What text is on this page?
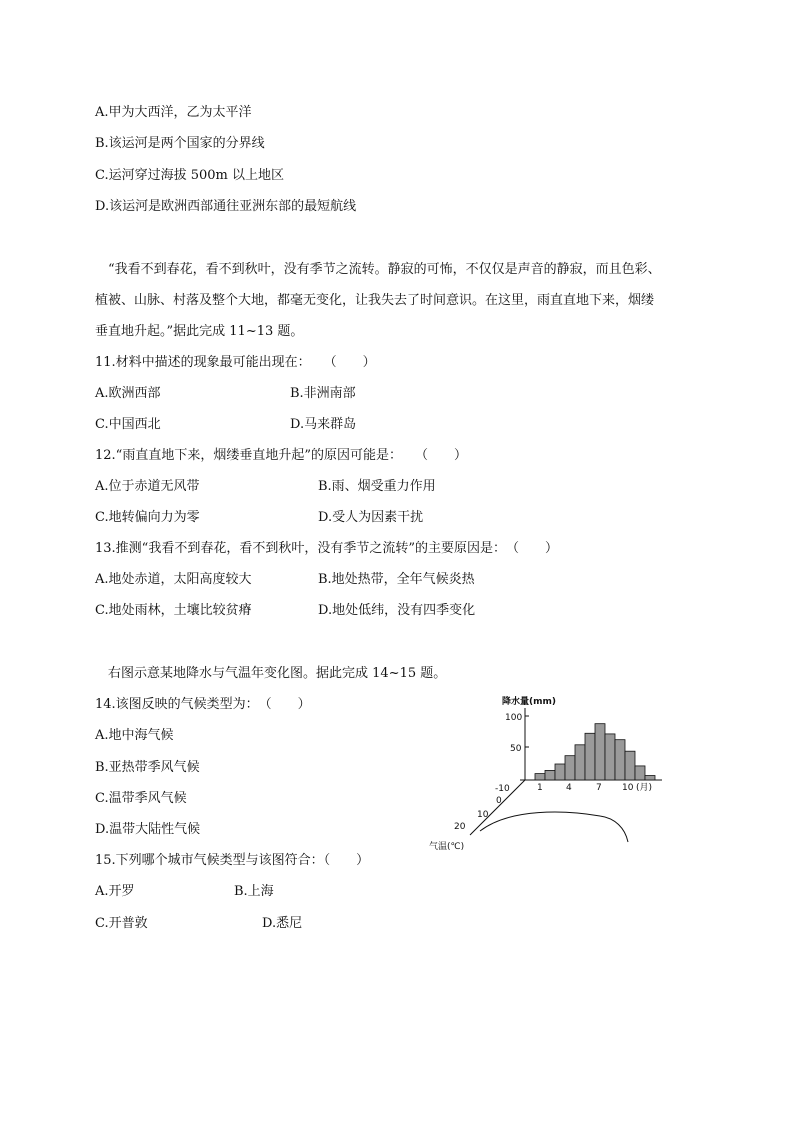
A.甲为大西洋，乙为太平洋
B.该运河是两个国家的分界线
C.运河穿过海拔 500m 以上地区
D.该运河是欧洲西部通往亚洲东部的最短航线
“我看不到春花，看不到秋叶，没有季节之流转。静寂的可怖，不仅仅是声音的静寂，而且色彩、
植被、山脉、村落及整个大地，都毫无变化，让我失去了时间意识。在这里，雨直直地下来，烟缕
垂直地升起。”据此完成 11~13 题。
11.材料中描述的现象最可能出现在：　　（　　）
A.欧洲西部	B.非洲南部
C.中国西北	D.马来群岛
12.“雨直直地下来，烟缕垂直地升起”的原因可能是：　　（　　）
A.位于赤道无风带	B.雨、烟受重力作用
C.地转偏向力为零	D.受人为因素干扰
13.推测“我看不到春花，看不到秋叶，没有季节之流转”的主要原因是：　（　　）
A.地处赤道，太阳高度较大	B.地处热带，全年气候炎热
C.地处雨林，土壤比较贫瘠	D.地处低纬，没有四季变化
右图示意某地降水与气温年变化图。据此完成 14~15 题。
14.该图反映的气候类型为：　（　　）
A.地中海气候
B.亚热带季风气候
C.温带季风气候
D.温带大陆性气候
15.下列哪个城市气候类型与该图符合：（　　）
A.开罗	B.上海
C.开普敦	D.悉尼
降水量(mm)
100
50
1	4	7 10 (月)
-10
0
10
20
气温(℃)
